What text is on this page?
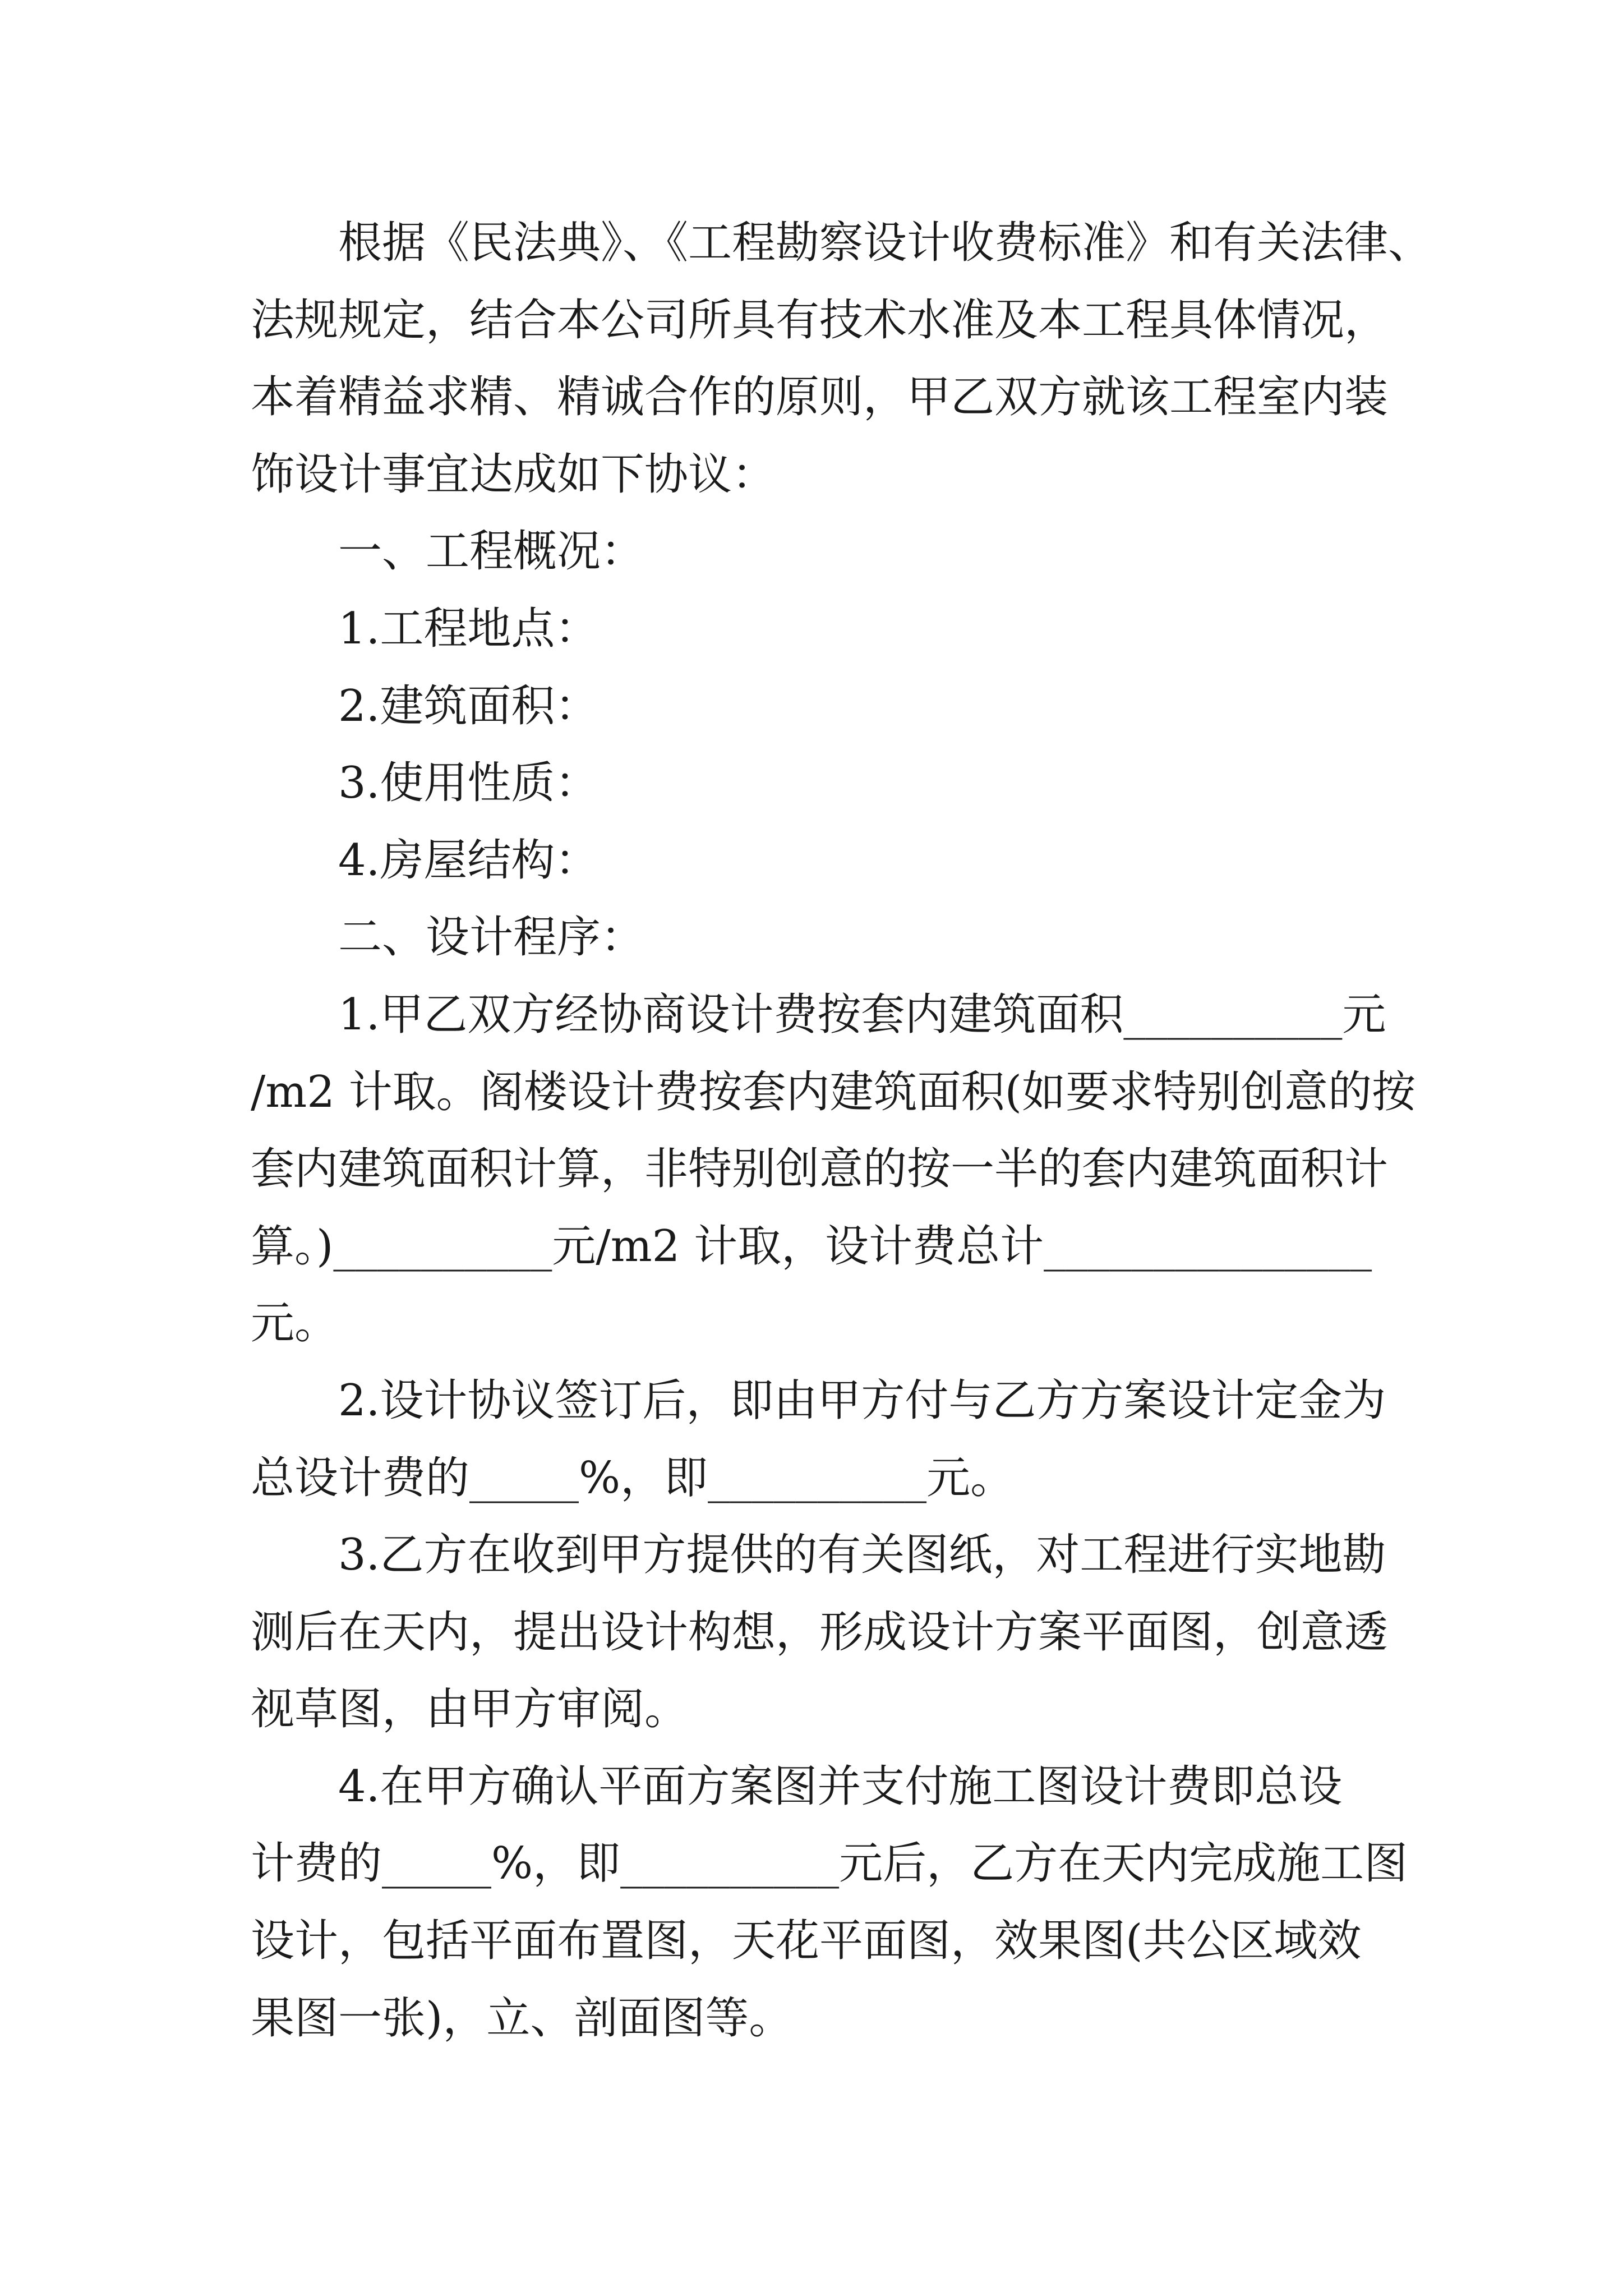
根据《民法典》、《工程勘察设计收费标准》和有关法律、
法规规定，结合本公司所具有技术水准及本工程具体情况，
本着精益求精、精诚合作的原则，甲乙双方就该工程室内装
饰设计事宜达成如下协议：
一、工程概况：
1.工程地点：
2.建筑面积：
3.使用性质：
4.房屋结构：
二、设计程序：
1.甲乙双方经协商设计费按套内建筑面积__________元
/m2 计取。阁楼设计费按套内建筑面积(如要求特别创意的按
套内建筑面积计算，非特别创意的按一半的套内建筑面积计
算。)__________元/m2 计取，设计费总计_______________
元。
2.设计协议签订后，即由甲方付与乙方方案设计定金为
总设计费的_____%，即__________元。
3.乙方在收到甲方提供的有关图纸，对工程进行实地勘
测后在天内，提出设计构想，形成设计方案平面图，创意透
视草图，由甲方审阅。
4.在甲方确认平面方案图并支付施工图设计费即总设
计费的_____%，即__________元后，乙方在天内完成施工图
设计，包括平面布置图，天花平面图，效果图(共公区域效
果图一张)，立、剖面图等。
